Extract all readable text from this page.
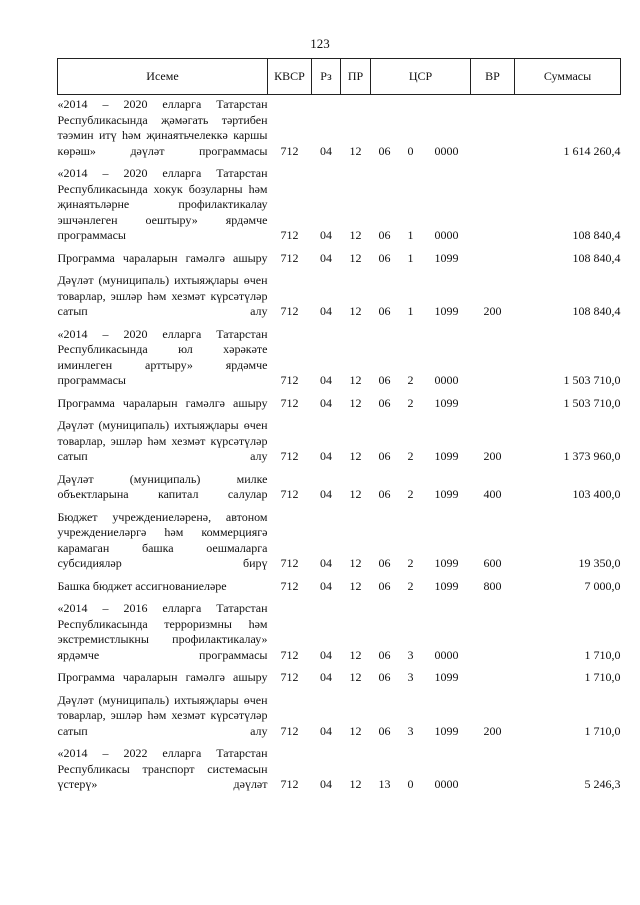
123
Исеме	КВСР	Рз	ПР	ЦСР			ВР	Суммасы
«2014 – 2020 елларга Татарстан Республикасында җәмәгать тәртибен тәэмин итү һәм җинаятьчелеккә каршы көрәш» дәүләт программасы	712	04	12	06	0	0000		1 614 260,4
«2014 – 2020 елларга Татарстан Республикасында хокук бозуларны һәм җинаятьләрне профилактикалау эшчәнлеген оештыру» ярдәмче программасы	712	04	12	06	1	0000		108 840,4
Программа чараларын гамәлгә ашыру	712	04	12	06	1	1099		108 840,4
Дәүләт (муниципаль) ихтыяҗлары өчен товарлар, эшләр һәм хезмәт күрсәтүләр сатып алу	712	04	12	06	1	1099	200	108 840,4
«2014 – 2020 елларга Татарстан Республикасында юл хәрәкәте иминлеген арттыру» ярдәмче программасы	712	04	12	06	2	0000		1 503 710,0
Программа чараларын гамәлгә ашыру	712	04	12	06	2	1099		1 503 710,0
Дәүләт (муниципаль) ихтыяҗлары өчен товарлар, эшләр һәм хезмәт күрсәтүләр сатып алу	712	04	12	06	2	1099	200	1 373 960,0
Дәүләт (муниципаль) милке объектларына капитал салулар	712	04	12	06	2	1099	400	103 400,0
Бюджет учреждениеләренә, автоном учреждениеләргә һәм коммерциягә карамаган башка оешмаларга субсидияләр бирү	712	04	12	06	2	1099	600	19 350,0
Башка бюджет ассигнованиеләре	712	04	12	06	2	1099	800	7 000,0
«2014 – 2016 елларга Татарстан Республикасында терроризмны һәм экстремистлыкны профилактикалау» ярдәмче программасы	712	04	12	06	3	0000		1 710,0
Программа чараларын гамәлгә ашыру	712	04	12	06	3	1099		1 710,0
Дәүләт (муниципаль) ихтыяҗлары өчен товарлар, эшләр һәм хезмәт күрсәтүләр сатып алу	712	04	12	06	3	1099	200	1 710,0
«2014 – 2022 елларга Татарстан Республикасы транспорт системасын үстерү» дәүләт	712	04	12	13	0	0000		5 246,3
